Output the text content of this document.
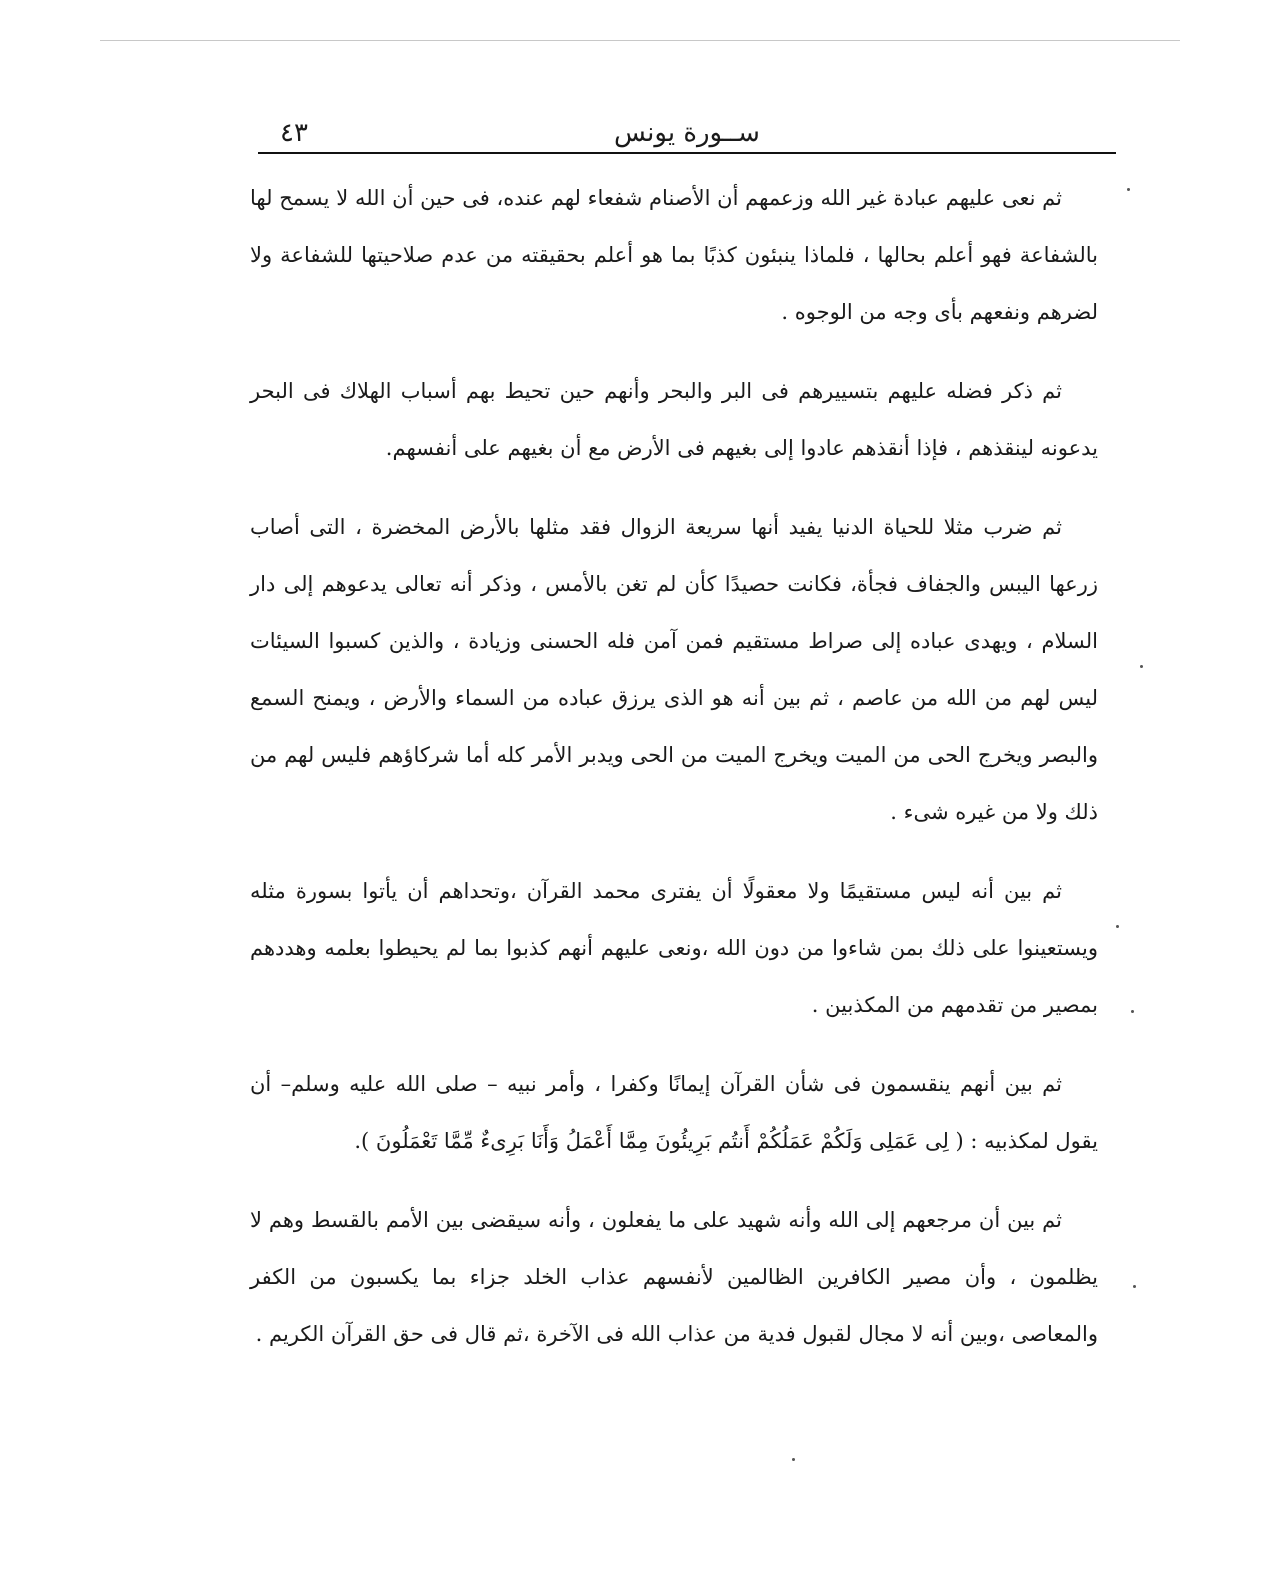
٤٣	ســورة يونس

ثم نعى عليهم عبادة غير الله وزعمهم أن الأصنام شفعاء لهم عنده، فى حين أن الله لا يسمح لها بالشفاعة فهو أعلم بحالها ، فلماذا ينبئون كذبًا بما هو أعلم بحقيقته من عدم صلاحيتها للشفاعة ولا لضرهم ونفعهم بأى وجه من الوجوه .

ثم ذكر فضله عليهم بتسييرهم فى البر والبحر وأنهم حين تحيط بهم أسباب الهلاك فى البحر يدعونه لينقذهم ، فإذا أنقذهم عادوا إلى بغيهم فى الأرض مع أن بغيهم على أنفسهم.

ثم ضرب مثلا للحياة الدنيا يفيد أنها سريعة الزوال فقد مثلها بالأرض المخضرة ، التى أصاب زرعها اليبس والجفاف فجأة، فكانت حصيدًا كأن لم تغن بالأمس ، وذكر أنه تعالى يدعوهم إلى دار السلام ، ويهدى عباده إلى صراط مستقيم فمن آمن فله الحسنى وزيادة ، والذين كسبوا السيئات ليس لهم من الله من عاصم ، ثم بين أنه هو الذى يرزق عباده من السماء والأرض ، ويمنح السمع والبصر ويخرج الحى من الميت ويخرج الميت من الحى ويدبر الأمر كله أما شركاؤهم فليس لهم من ذلك ولا من غيره شىء .

ثم بين أنه ليس مستقيمًا ولا معقولًا أن يفترى محمد القرآن ،وتحداهم أن يأتوا بسورة مثله ويستعينوا على ذلك بمن شاءوا من دون الله ،ونعى عليهم أنهم كذبوا بما لم يحيطوا بعلمه وهددهم بمصير من تقدمهم من المكذبين .

ثم بين أنهم ينقسمون فى شأن القرآن إيمانًا وكفرا ، وأمر نبيه – صلى الله عليه وسلم– أن يقول لمكذبيه : ( لِى عَمَلِى وَلَكُمْ عَمَلُكُمْ أَنتُم بَرِيئُونَ مِمَّا أَعْمَلُ وَأَنَا بَرِىءٌ مِّمَّا تَعْمَلُونَ ).

ثم بين أن مرجعهم إلى الله وأنه شهيد على ما يفعلون ، وأنه سيقضى بين الأمم بالقسط وهم لا يظلمون ، وأن مصير الكافرين الظالمين لأنفسهم عذاب الخلد جزاء بما يكسبون من الكفر والمعاصى ،وبين أنه لا مجال لقبول فدية من عذاب الله فى الآخرة ،ثم قال فى حق القرآن الكريم .
